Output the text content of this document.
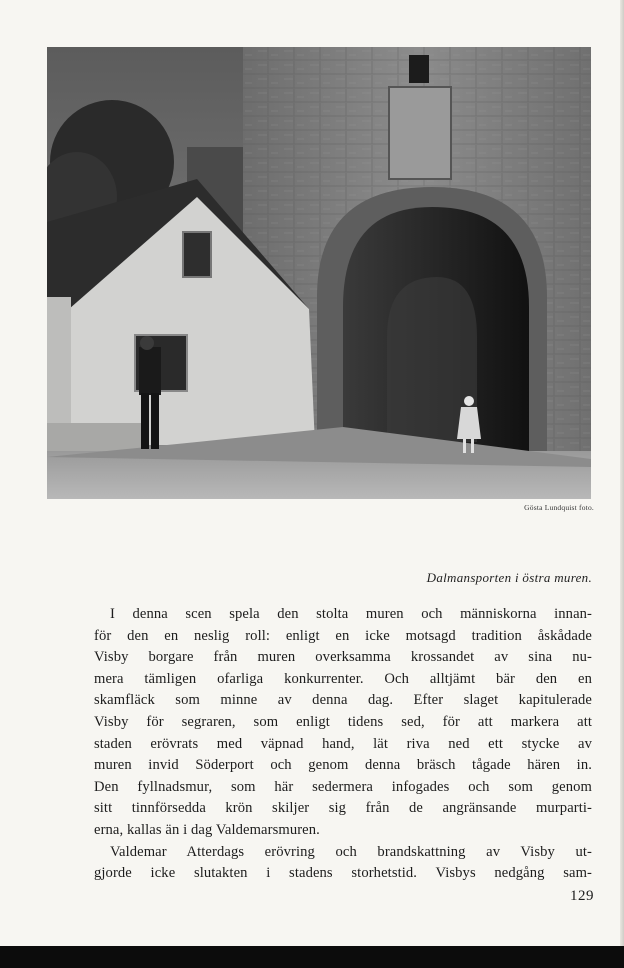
Gösta Lundquist foto.
Dalmansporten i östra muren.
I denna scen spela den stolta muren och människorna innan-
för den en neslig roll: enligt en icke motsagd tradition åskådade
Visby borgare från muren overksamma krossandet av sina nu-
mera tämligen ofarliga konkurrenter. Och alltjämt bär den en
skamfläck som minne av denna dag. Efter slaget kapitulerade
Visby för segraren, som enligt tidens sed, för att markera att
staden erövrats med väpnad hand, lät riva ned ett stycke av
muren invid Söderport och genom denna bräsch tågade hären in.
Den fyllnadsmur, som här sedermera infogades och som genom
sitt tinnförsedda krön skiljer sig från de angränsande murparti-
erna, kallas än i dag Valdemarsmuren.
Valdemar Atterdags erövring och brandskattning av Visby ut-
gjorde icke slutakten i stadens storhetstid. Visbys nedgång sam-
129
